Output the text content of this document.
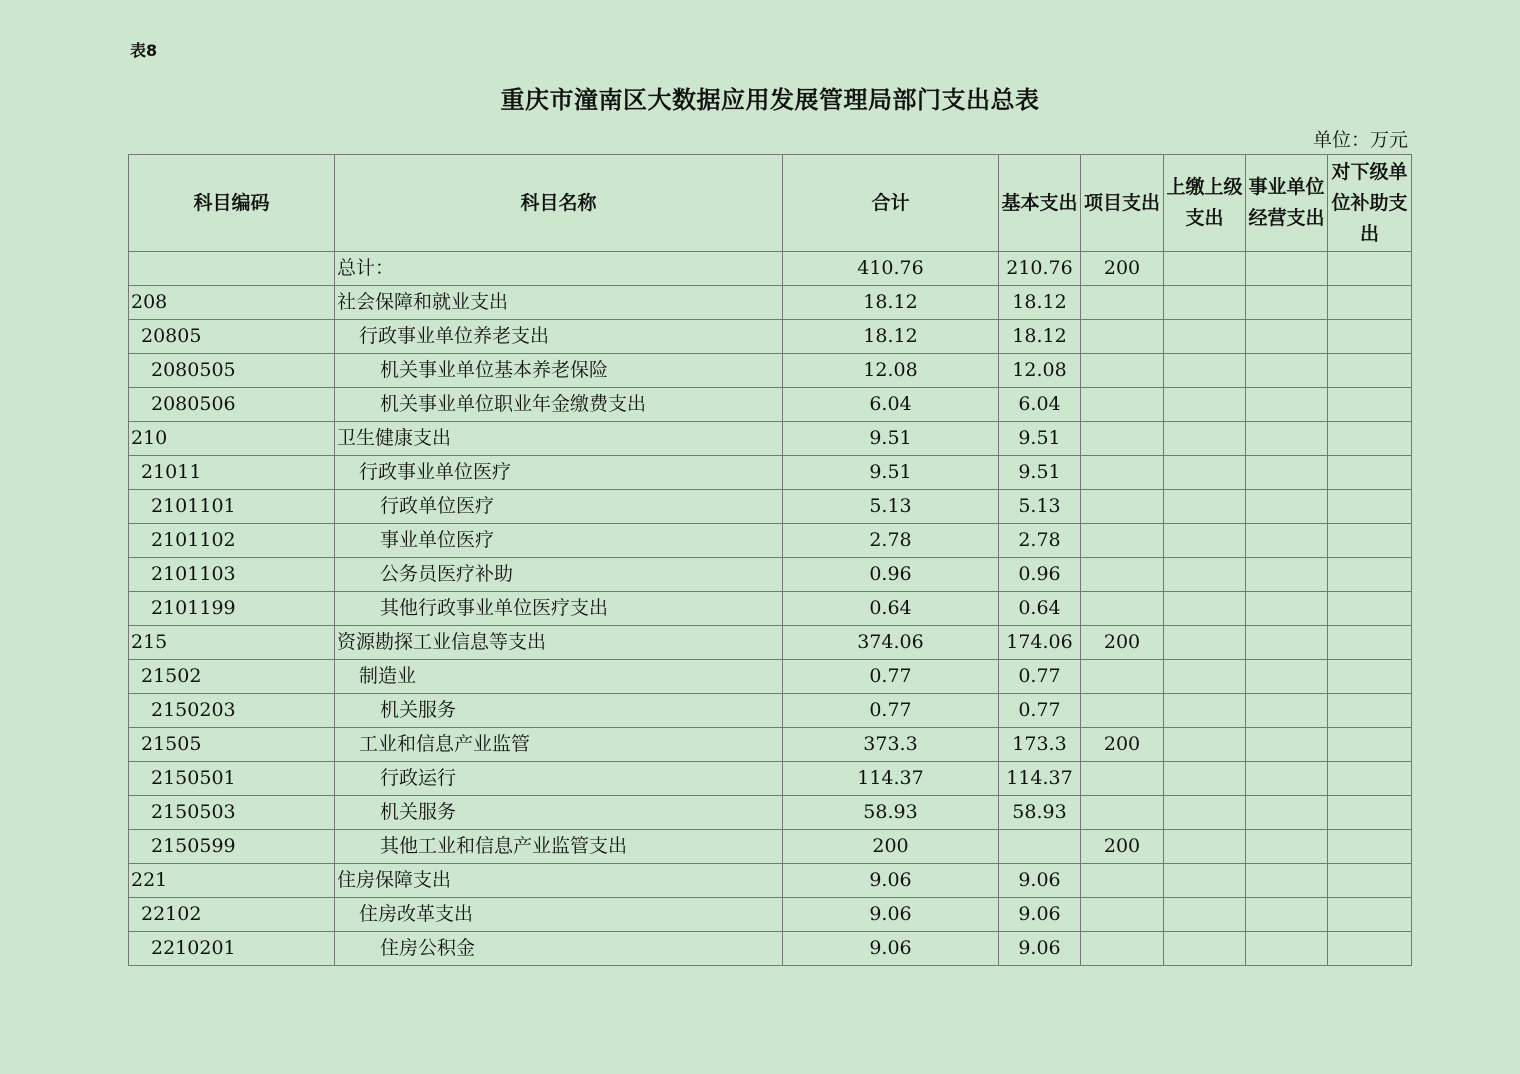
表8
重庆市潼南区大数据应用发展管理局部门支出总表
单位：万元
科目编码	科目名称	合计	基本支出	项目支出	上缴上级支出	事业单位经营支出	对下级单位补助支出
	总计：	410.76	210.76	200			
208	社会保障和就业支出	18.12	18.12				
20805	行政事业单位养老支出	18.12	18.12				
2080505	机关事业单位基本养老保险	12.08	12.08				
2080506	机关事业单位职业年金缴费支出	6.04	6.04				
210	卫生健康支出	9.51	9.51				
21011	行政事业单位医疗	9.51	9.51				
2101101	行政单位医疗	5.13	5.13				
2101102	事业单位医疗	2.78	2.78				
2101103	公务员医疗补助	0.96	0.96				
2101199	其他行政事业单位医疗支出	0.64	0.64				
215	资源勘探工业信息等支出	374.06	174.06	200			
21502	制造业	0.77	0.77				
2150203	机关服务	0.77	0.77				
21505	工业和信息产业监管	373.3	173.3	200			
2150501	行政运行	114.37	114.37				
2150503	机关服务	58.93	58.93				
2150599	其他工业和信息产业监管支出	200		200			
221	住房保障支出	9.06	9.06				
22102	住房改革支出	9.06	9.06				
2210201	住房公积金	9.06	9.06				
